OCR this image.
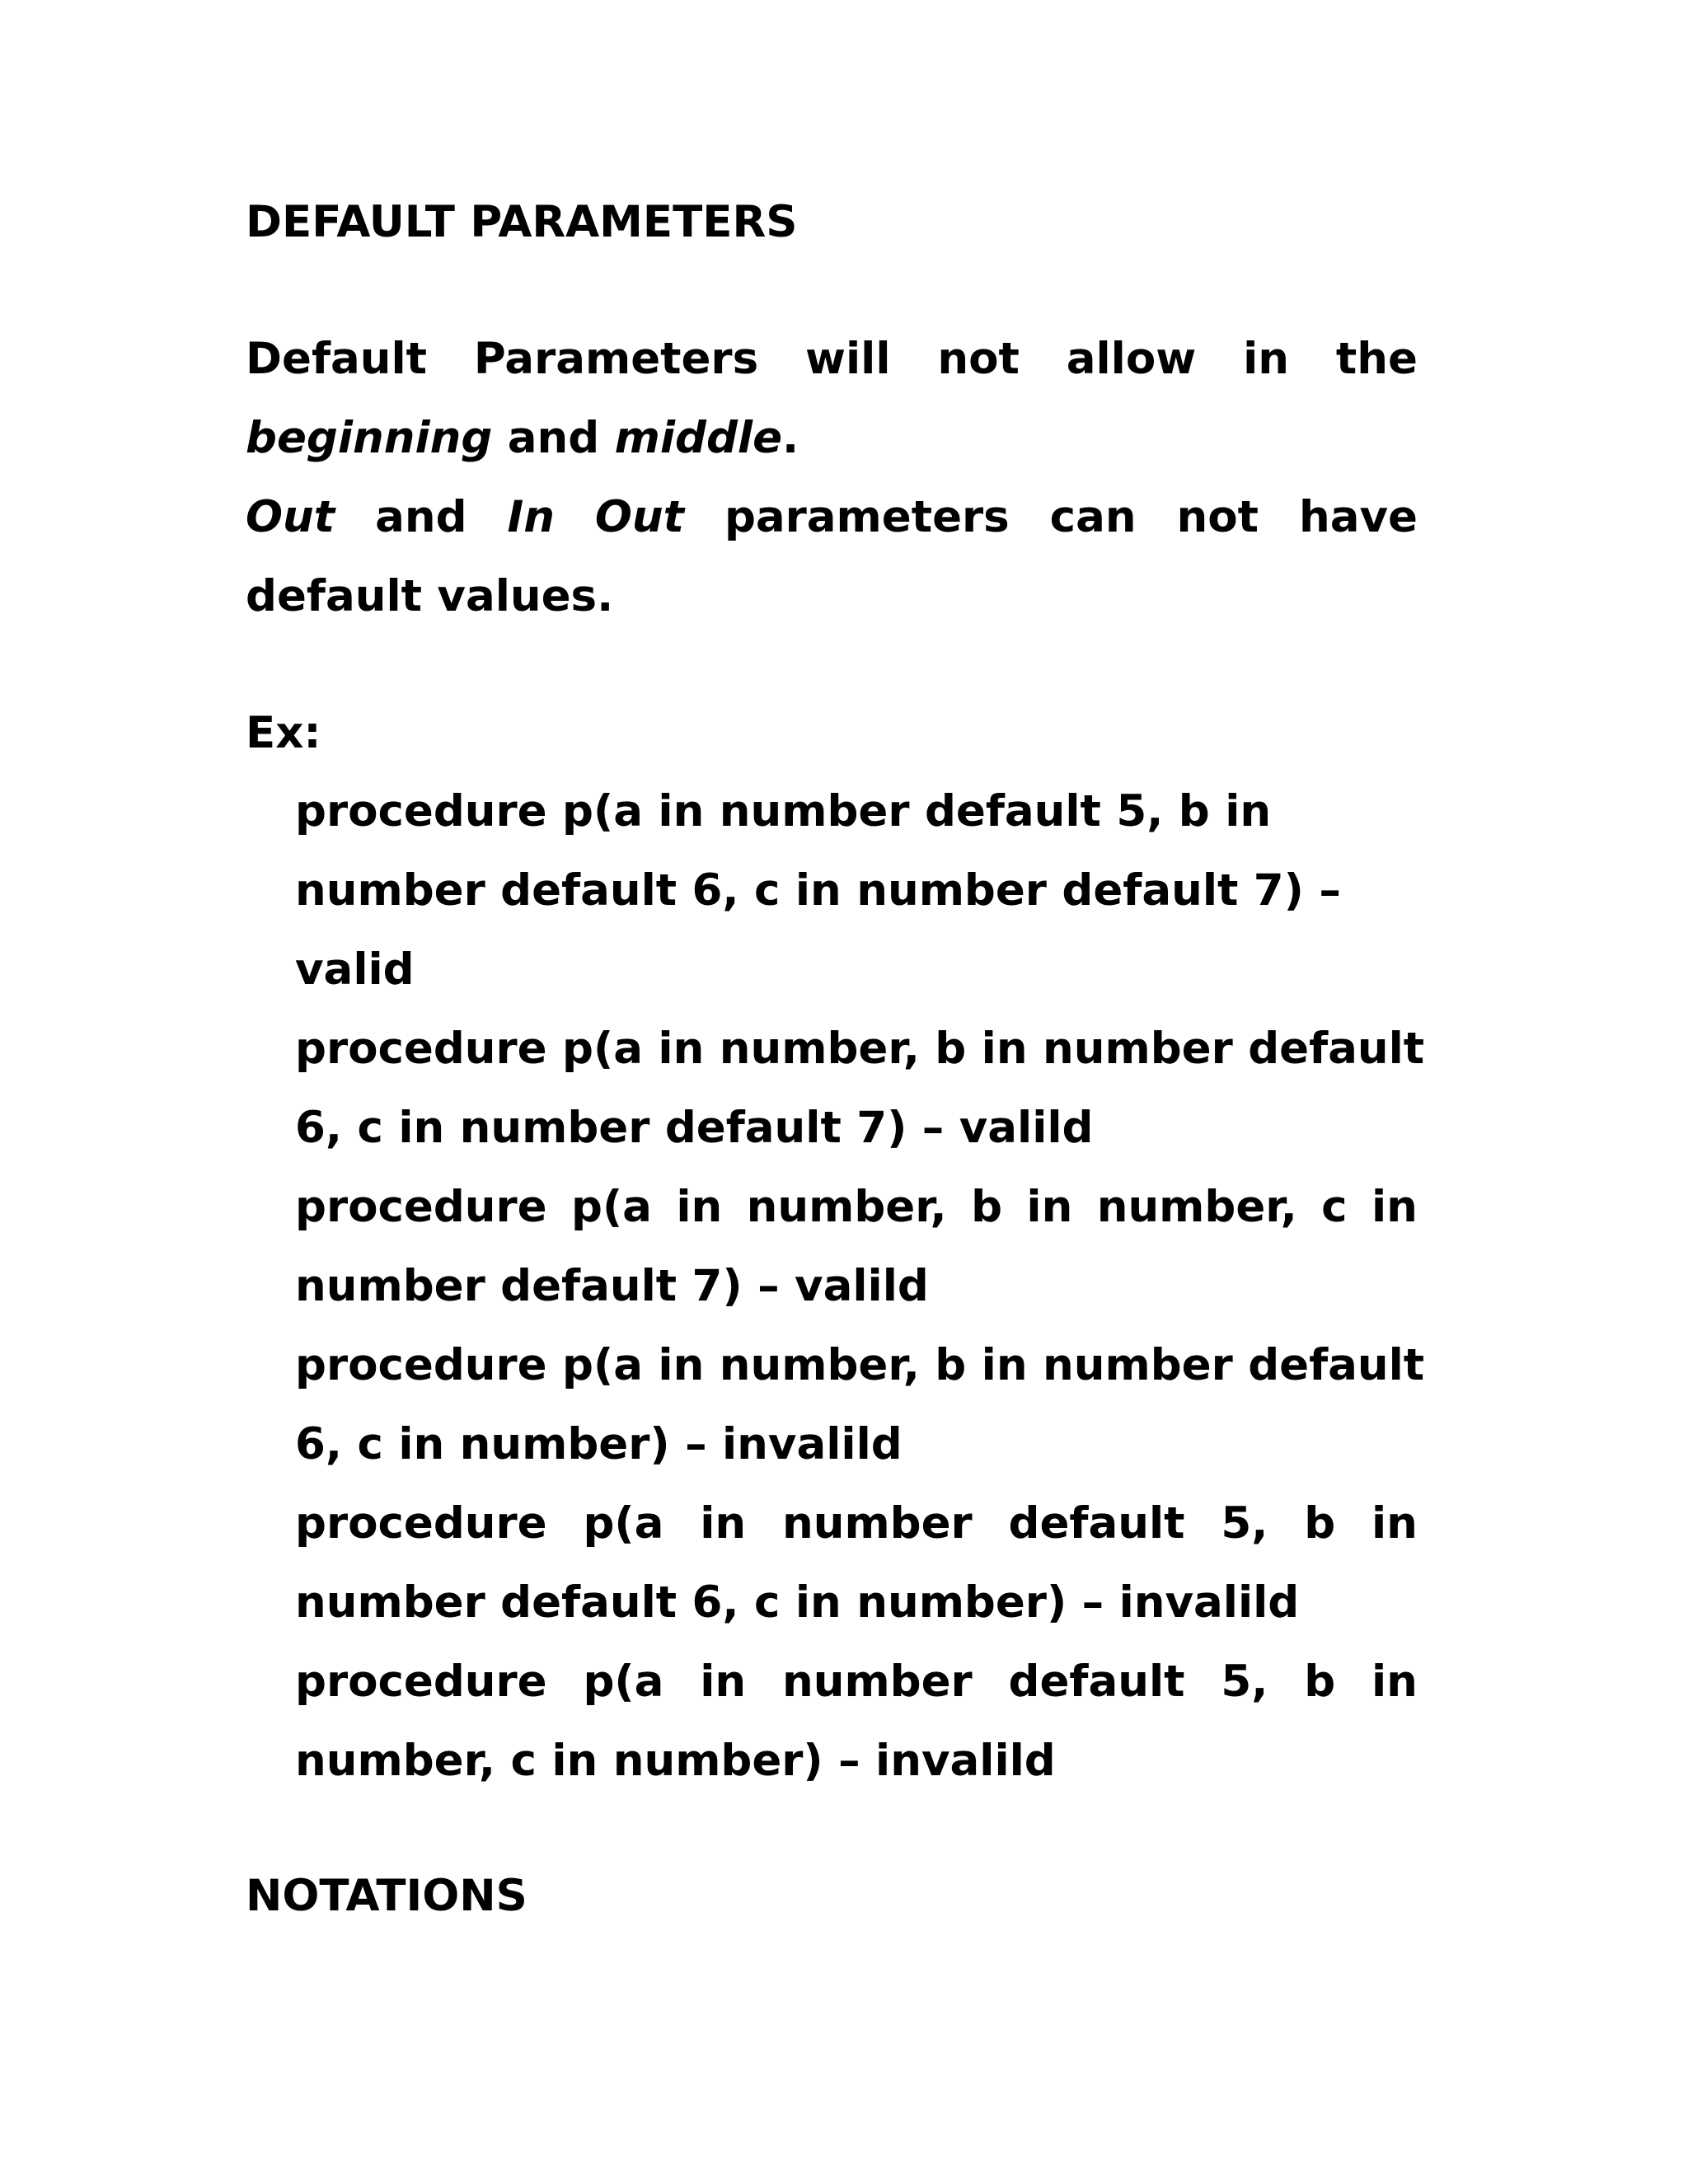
DEFAULT PARAMETERS
Default Parameters will not allow in the
beginning and middle.
Out and In Out parameters can not have
default values.
Ex:
procedure p(a in number default 5, b in
number default 6, c in number default 7) –
valid
procedure p(a in number, b in number default
6, c in number default 7) – valild
procedure p(a in number, b in number, c in
number default 7) – valild
procedure p(a in number, b in number default
6, c in number) – invalild
procedure p(a in number default 5, b in
number default 6, c in number) – invalild
procedure p(a in number default 5, b in
number, c in number) – invalild
NOTATIONS
